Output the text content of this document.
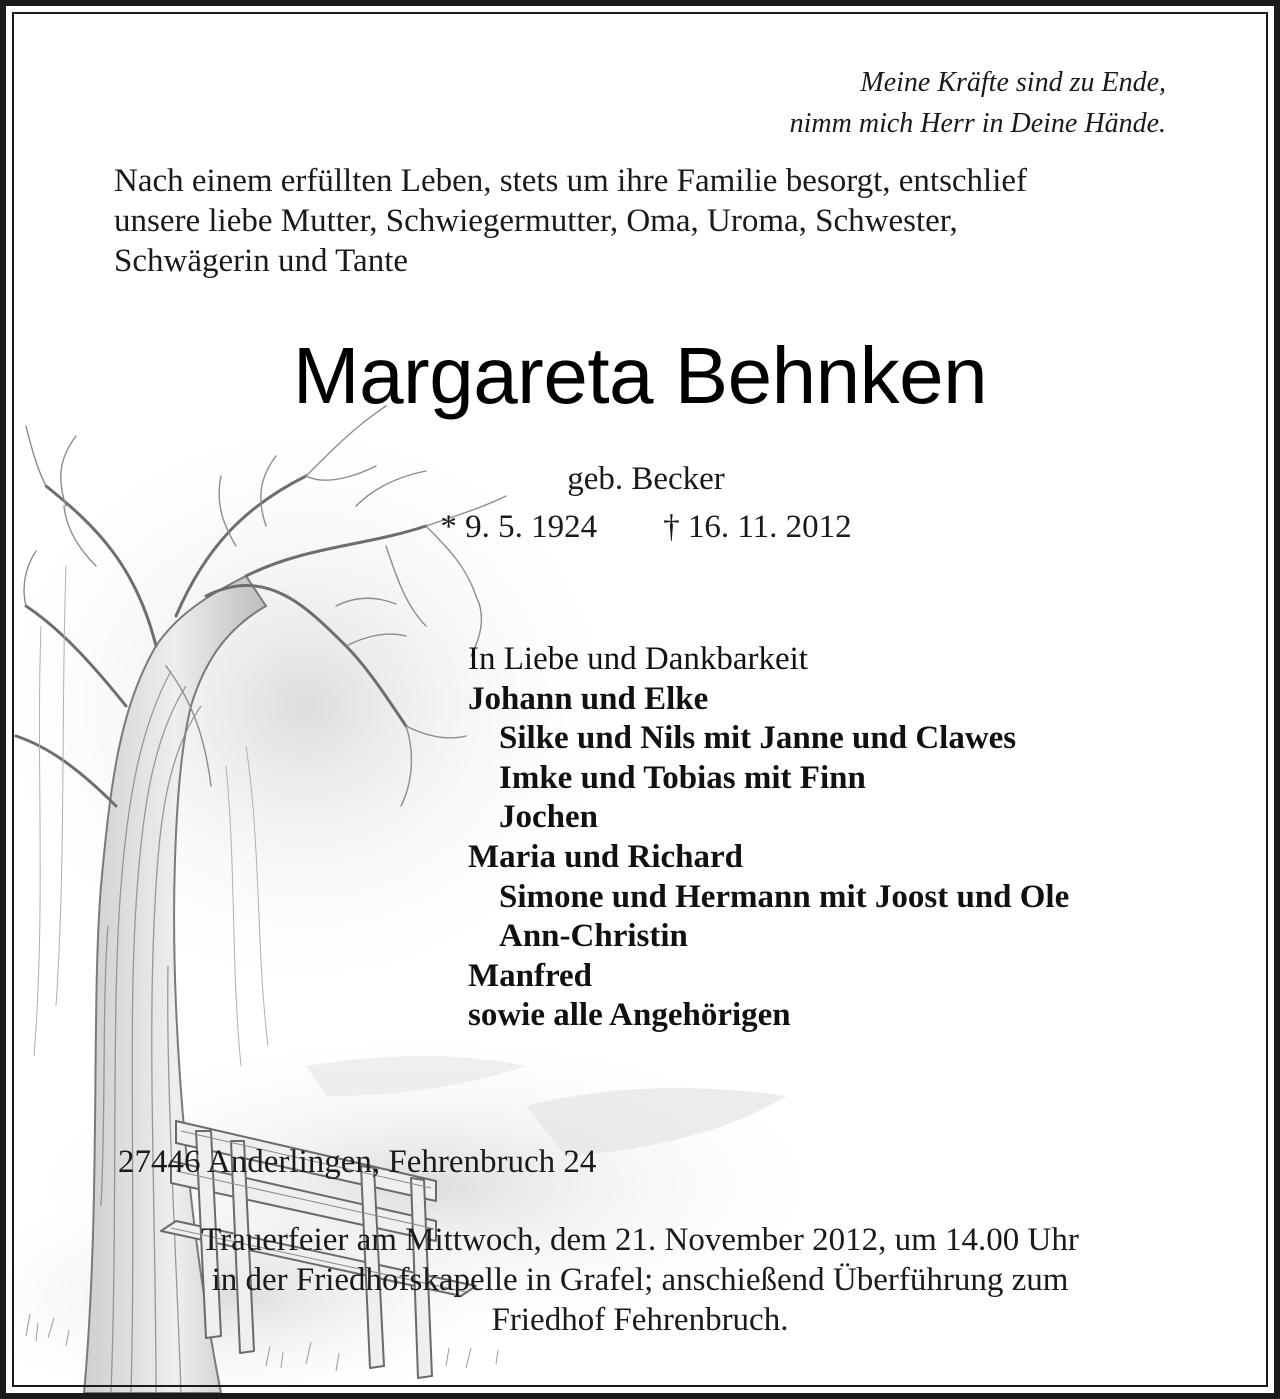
Meine Kräfte sind zu Ende,
nimm mich Herr in Deine Hände.
Nach einem erfüllten Leben, stets um ihre Familie besorgt, entschlief
unsere liebe Mutter, Schwiegermutter, Oma, Uroma, Schwester,
Schwägerin und Tante
Margareta Behnken
geb. Becker
* 9. 5. 1924 † 16. 11. 2012
In Liebe und Dankbarkeit
Johann und Elke
Silke und Nils mit Janne und Clawes
Imke und Tobias mit Finn
Jochen
Maria und Richard
Simone und Hermann mit Joost und Ole
Ann-Christin
Manfred
sowie alle Angehörigen
27446 Anderlingen, Fehrenbruch 24
Trauerfeier am Mittwoch, dem 21. November 2012, um 14.00 Uhr
in der Friedhofskapelle in Grafel; anschießend Überführung zum
Friedhof Fehrenbruch.
